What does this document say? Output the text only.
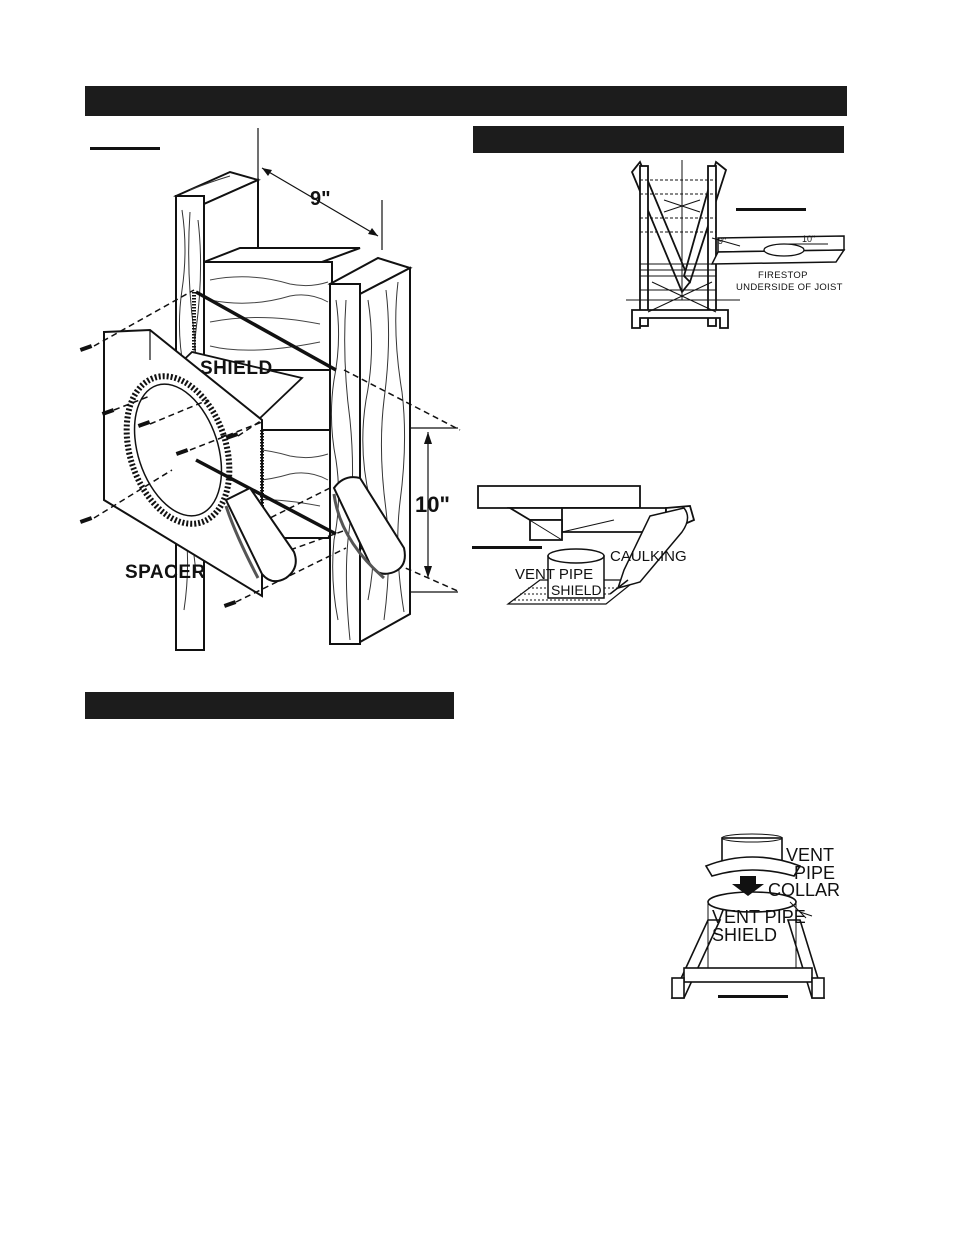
9"
10"
SHIELD
SPACER
9"	10"
FIRESTOP
UNDERSIDE OF JOIST
CAULKING
VENT PIPE
SHIELD
VENT
PIPE
COLLAR
VENT PIPE
SHIELD
